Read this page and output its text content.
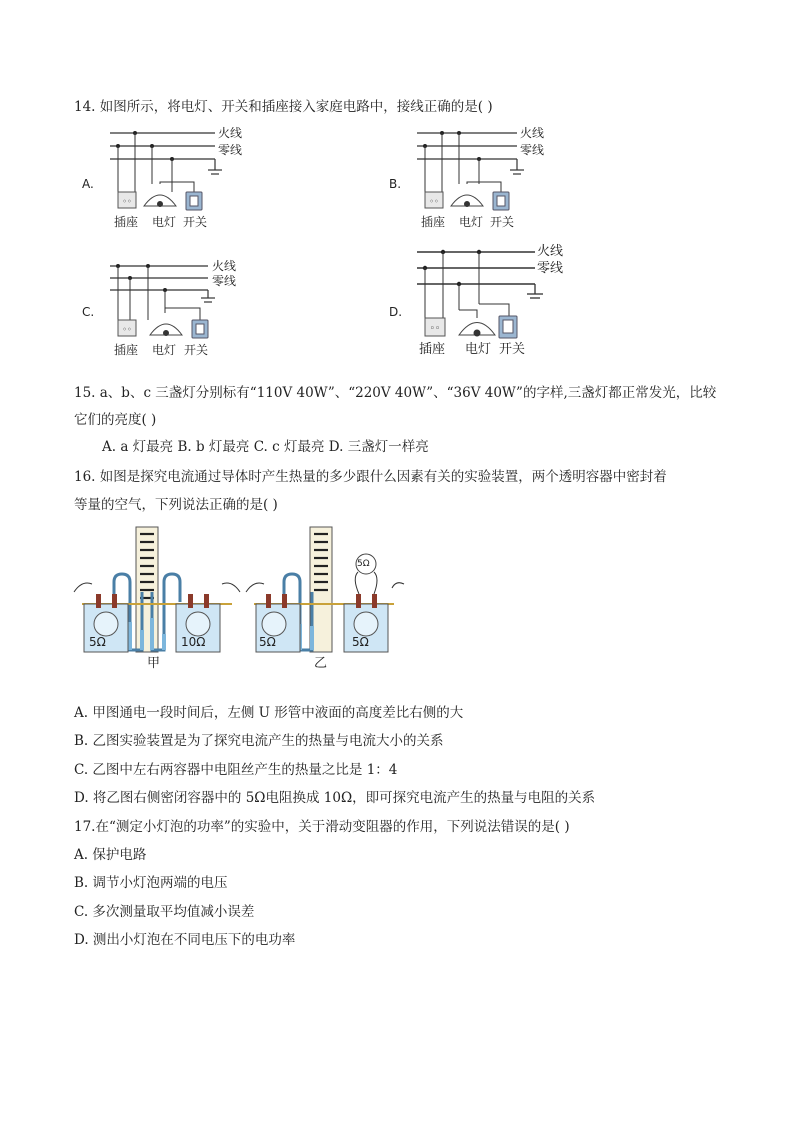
14. 如图所示，将电灯、开关和插座接入家庭电路中，接线正确的是( )
A.
◦◦
插座 电灯 开关
火线
零线
B.
◦◦
插座 电灯 开关
火线
零线
C.
◦◦
插座 电灯 开关
火线
零线
D.
◦◦
插座 电灯 开关
火线
零线
15. a、b、c 三盏灯分别标有“110V 40W”、“220V 40W”、“36V 40W”的字样,三盏灯都正常发光，比较
它们的亮度( )
A. a 灯最亮 B. b 灯最亮 C. c 灯最亮 D. 三盏灯一样亮
16. 如图是探究电流通过导体时产生热量的多少跟什么因素有关的实验装置，两个透明容器中密封着
等量的空气，下列说法正确的是( )
5Ω	10Ω
甲
5Ω	5Ω
5Ω
乙
A. 甲图通电一段时间后，左侧 U 形管中液面的高度差比右侧的大
B. 乙图实验装置是为了探究电流产生的热量与电流大小的关系
C. 乙图中左右两容器中电阻丝产生的热量之比是 1：4
D. 将乙图右侧密闭容器中的 5Ω电阻换成 10Ω，即可探究电流产生的热量与电阻的关系
17.在“测定小灯泡的功率”的实验中，关于滑动变阻器的作用，下列说法错误的是( )
A. 保护电路
B. 调节小灯泡两端的电压
C. 多次测量取平均值减小误差
D. 测出小灯泡在不同电压下的电功率
